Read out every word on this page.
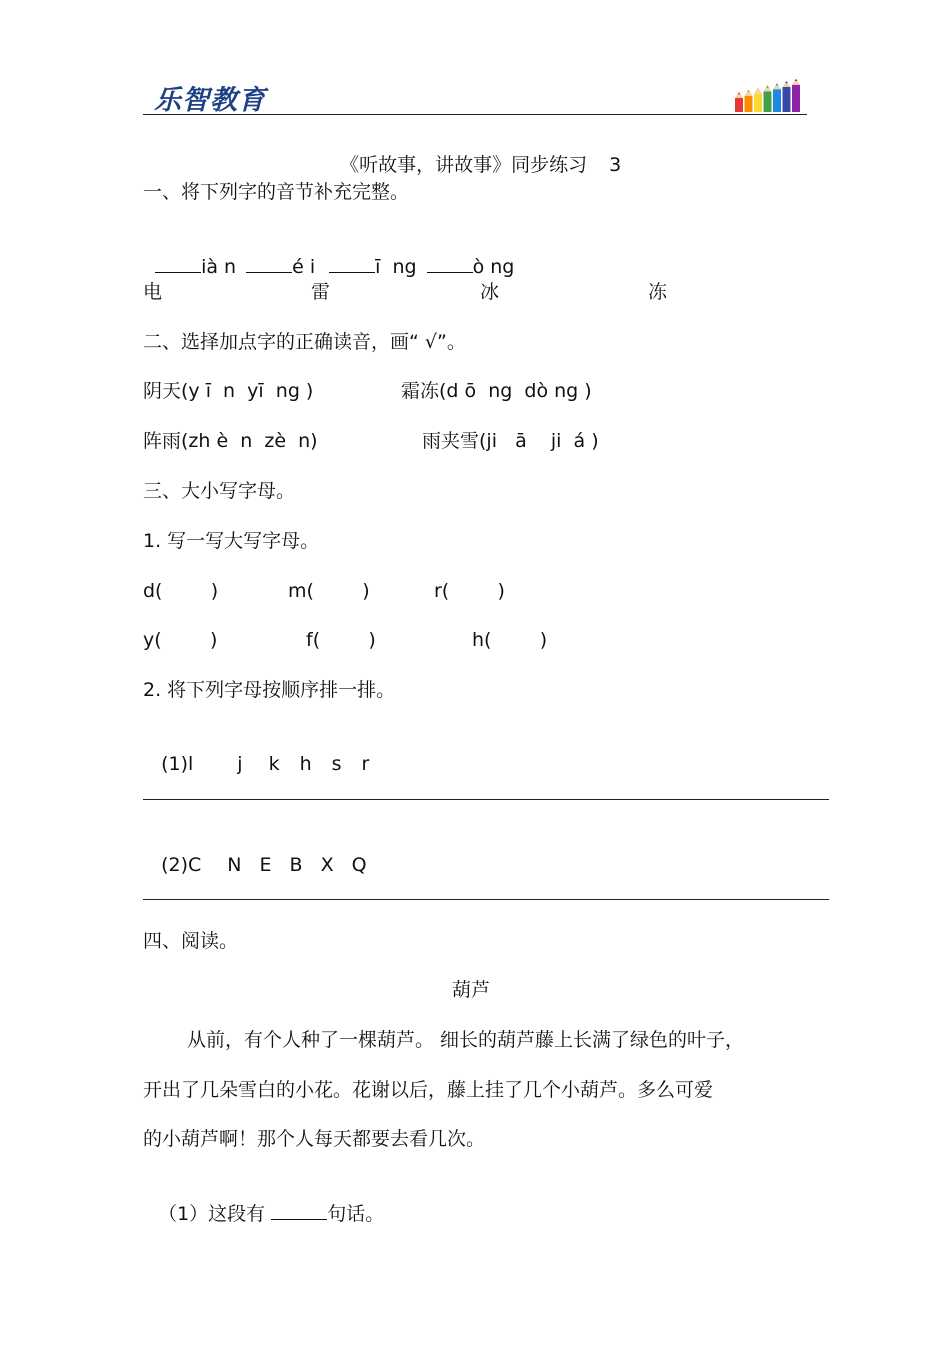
乐智教育

《听故事，讲故事》同步练习 3

一、将下列字的音节补充完整。

ià n	é i	ī  ng	ò ng

电	雷	冰	冻
二、选择加点字的正确读音，画“ √”。
阴天(y ī  n  yī  ng )	霜冻(d ō  ng  dò ng )
阵雨(zh è  n  zè  n)	雨夹雪(ji   ā    ji  á )
三、大小写字母。
1. 写一写大写字母。
d(        )	m(        )	r(        )
y(        )	f(        )	h(        )
2. 将下列字母按顺序排一排。

(1)l j k h s r

(2)C N E B X Q

四、阅读。
葫芦
从前，有个人种了一棵葫芦。 细长的葫芦藤上长满了绿色的叶子，
开出了几朵雪白的小花。花谢以后，藤上挂了几个小葫芦。多么可爱
的小葫芦啊！那个人每天都要去看几次。

（1）这段有	句话。
